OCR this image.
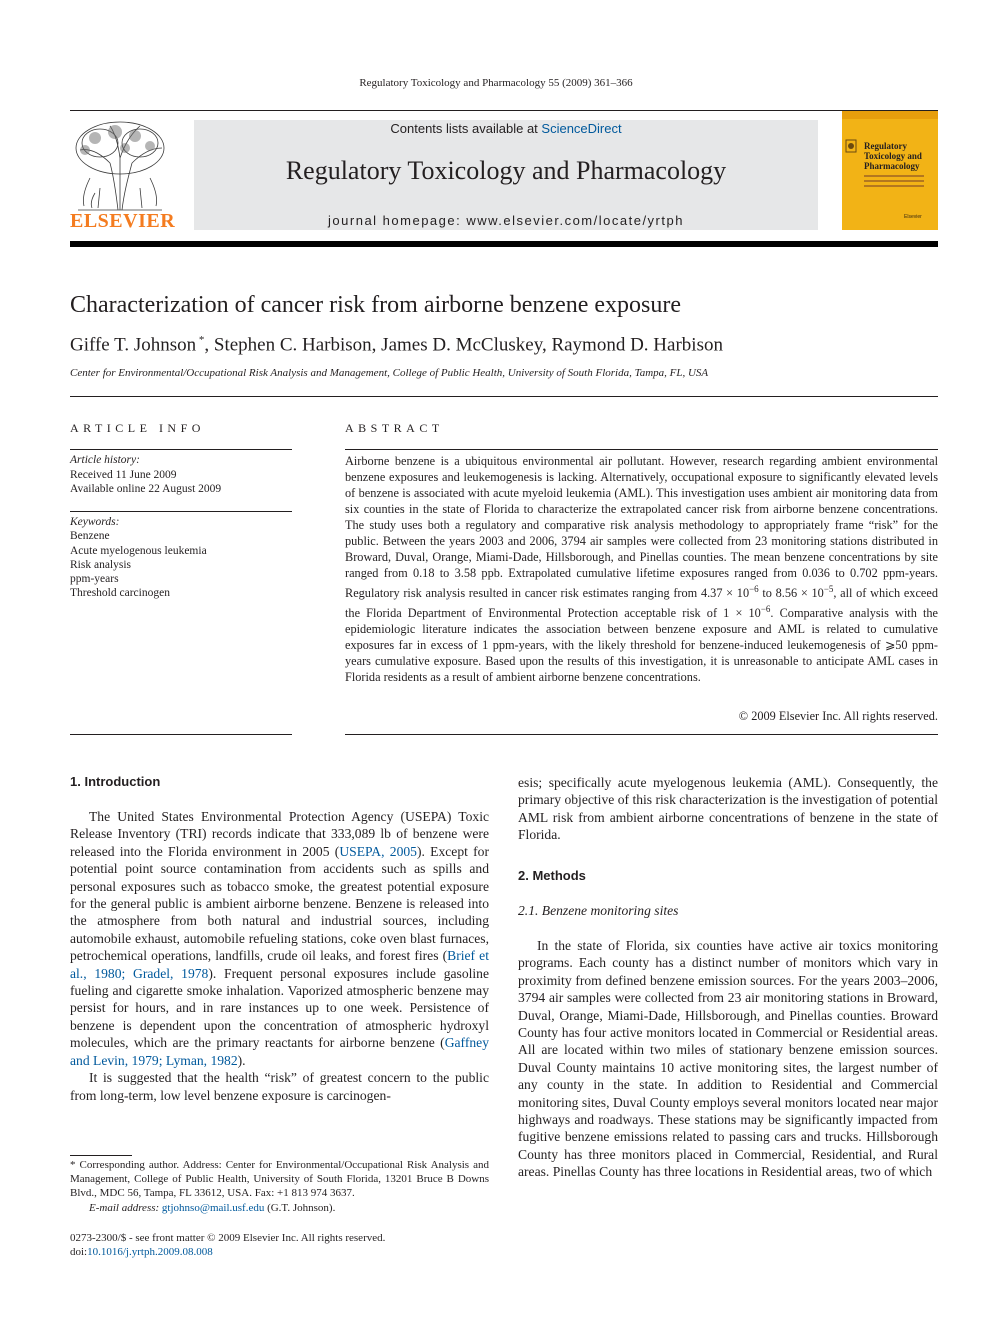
Regulatory Toxicology and Pharmacology 55 (2009) 361–366
ELSEVIER
Contents lists available at ScienceDirect
Regulatory Toxicology and Pharmacology
journal homepage: www.elsevier.com/locate/yrtph
Regulatory Toxicology and Pharmacology
Elsevier
Characterization of cancer risk from airborne benzene exposure
Giffe T. Johnson *, Stephen C. Harbison, James D. McCluskey, Raymond D. Harbison
Center for Environmental/Occupational Risk Analysis and Management, College of Public Health, University of South Florida, Tampa, FL, USA
ARTICLE INFO
Article history:
Received 11 June 2009
Available online 22 August 2009
Keywords:
Benzene
Acute myelogenous leukemia
Risk analysis
ppm-years
Threshold carcinogen
ABSTRACT
Airborne benzene is a ubiquitous environmental air pollutant. However, research regarding ambient environmental benzene exposures and leukemogenesis is lacking. Alternatively, occupational exposure to significantly elevated levels of benzene is associated with acute myeloid leukemia (AML). This investigation uses ambient air monitoring data from six counties in the state of Florida to characterize the extrapolated cancer risk from airborne benzene concentrations. The study uses both a regulatory and comparative risk analysis methodology to appropriately frame “risk” for the public. Between the years 2003 and 2006, 3794 air samples were collected from 23 monitoring stations distributed in Broward, Duval, Orange, Miami-Dade, Hillsborough, and Pinellas counties. The mean benzene concentrations by site ranged from 0.18 to 3.58 ppb. Extrapolated cumulative lifetime exposures ranged from 0.036 to 0.702 ppm-years. Regulatory risk analysis resulted in cancer risk estimates ranging from $4.37 \times 10^{-6}$ to $8.56 \times 10^{-5}$, all of which exceed the Florida Department of Environmental Protection acceptable risk of $1 \times 10^{-6}$. Comparative analysis with the epidemiologic literature indicates the association between benzene exposure and AML is related to cumulative exposures far in excess of 1 ppm-years, with the likely threshold for benzene-induced leukemogenesis of ⩾50 ppm-years cumulative exposure. Based upon the results of this investigation, it is unreasonable to anticipate AML cases in Florida residents as a result of ambient airborne benzene concentrations.
© 2009 Elsevier Inc. All rights reserved.
1. Introduction

The United States Environmental Protection Agency (USEPA) Toxic Release Inventory (TRI) records indicate that 333,089 lb of benzene were released into the Florida environment in 2005 (USEPA, 2005). Except for potential point source contamination from accidents such as spills and personal exposures such as tobacco smoke, the greatest potential exposure for the general public is ambient airborne benzene. Benzene is released into the atmosphere from both natural and industrial sources, including automobile exhaust, automobile refueling stations, coke oven blast furnaces, petrochemical operations, landfills, crude oil leaks, and forest fires (Brief et al., 1980; Gradel, 1978). Frequent personal exposures include gasoline fueling and cigarette smoke inhalation. Vaporized atmospheric benzene may persist for hours, and in rare instances up to one week. Persistence of benzene is dependent upon the concentration of atmospheric hydroxyl molecules, which are the primary reactants for airborne benzene (Gaffney and Levin, 1979; Lyman, 1982).

It is suggested that the health “risk” of greatest concern to the public from long-term, low level benzene exposure is carcinogen-

* Corresponding author. Address: Center for Environmental/Occupational Risk Analysis and Management, College of Public Health, University of South Florida, 13201 Bruce B Downs Blvd., MDC 56, Tampa, FL 33612, USA. Fax: +1 813 974 3637.
E-mail address: gtjohnso@mail.usf.edu (G.T. Johnson).
0273-2300/$ - see front matter © 2009 Elsevier Inc. All rights reserved.
doi:10.1016/j.yrtph.2009.08.008
esis; specifically acute myelogenous leukemia (AML). Consequently, the primary objective of this risk characterization is the investigation of potential AML risk from ambient airborne concentrations of benzene in the state of Florida.
2. Methods
2.1. Benzene monitoring sites

In the state of Florida, six counties have active air toxics monitoring programs. Each county has a distinct number of monitors which vary in proximity from defined benzene emission sources. For the years 2003–2006, 3794 air samples were collected from 23 air monitoring stations in Broward, Duval, Orange, Miami-Dade, Hillsborough, and Pinellas counties. Broward County has four active monitors located in Commercial or Residential areas. All are located within two miles of stationary benzene emission sources. Duval County maintains 10 active monitoring sites, the largest number of any county in the state. In addition to Residential and Commercial monitoring sites, Duval County employs several monitors located near major highways and roadways. These stations may be significantly impacted from fugitive benzene emissions related to passing cars and trucks. Hillsborough County has three monitors placed in Commercial, Residential, and Rural areas. Pinellas County has three locations in Residential areas, two of which
